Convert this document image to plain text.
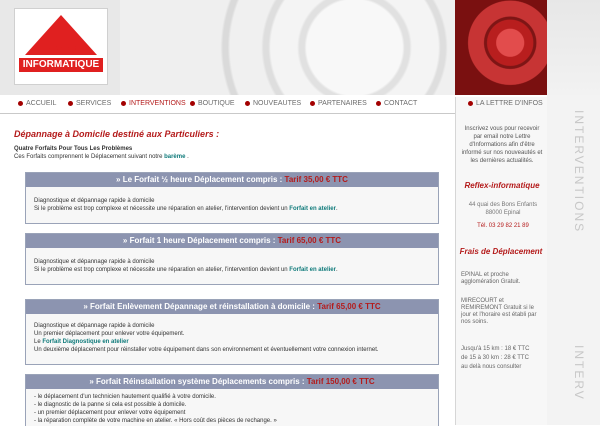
Reflex
INFORMATIQUE
ACCUEIL	SERVICES	INTERVENTIONS	BOUTIQUE	NOUVEAUTES	PARTENAIRES	CONTACT
INTERVENTIONS
INTERV
LA LETTRE D'INFOS
Inscrivez vous pour recevoir par email notre Lettre d'Informations afin d'être informé sur nos nouveautés et les dernières actualités.
Reflex-informatique
44 quai des Bons Enfants
88000 Epinal
Tél. 03 29 82 21 89
Frais de Déplacement
EPINAL et proche agglomération Gratuit.
MIRECOURT et REMIREMONT Gratuit si le jour et l'horaire est établi par nos soins.
Jusqu'à 15 km : 18 € TTC
de 15 à 30 km : 28 € TTC
au delà nous consulter
Dépannage à Domicile destiné aux Particuliers :
Quatre Forfaits Pour Tous Les Problèmes
Ces Forfaits comprennent le Déplacement suivant notre barème .
» Le Forfait ½ heure Déplacement compris : Tarif 35,00 € TTC
Diagnostique et dépannage rapide à domicile
Si le problème est trop complexe et nécessite une réparation en atelier, l'intervention devient un Forfait en atelier.
» Forfait 1 heure Déplacement compris : Tarif 65,00 € TTC
Diagnostique et dépannage rapide à domicile
Si le problème est trop complexe et nécessite une réparation en atelier, l'intervention devient un Forfait en atelier.
» Forfait Enlèvement Dépannage et réinstallation à domicile : Tarif 65,00 € TTC
Diagnostique et dépannage rapide à domicile
Un premier déplacement pour enlever votre équipement.
Le Forfait Diagnostique en atelier
Un deuxième déplacement pour réinstaller votre équipement dans son environnement et éventuellement votre connexion internet.
» Forfait Réinstallation système Déplacements compris : Tarif 150,00 € TTC
- le déplacement d'un technicien hautement qualifié à votre domicile.
- le diagnostic de la panne si cela est possible à domicile.
- un premier déplacement pour enlever votre équipement
- la réparation complète de votre machine en atelier. « Hors coût des pièces de rechange. »
